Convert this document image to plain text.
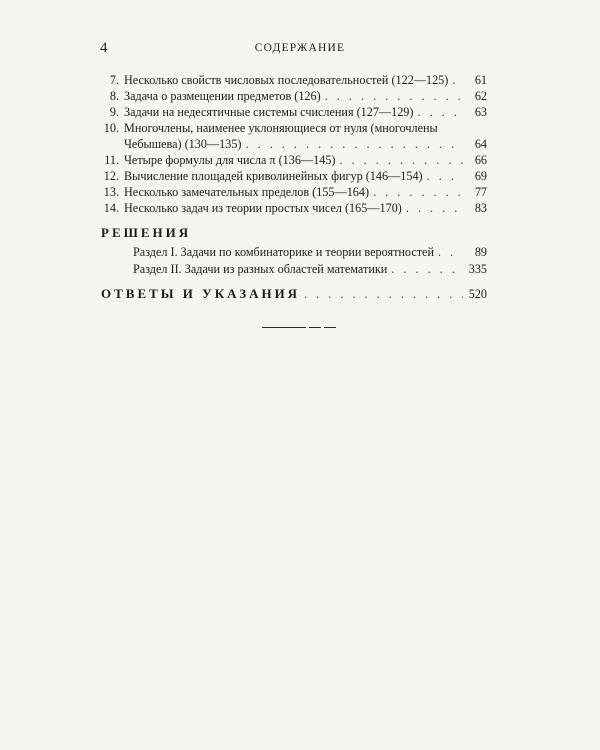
4	СОДЕРЖАНИЕ
7. Несколько свойств числовых последовательностей (122—125) . . .	61
8. Задача о размещении предметов (126) . . .	62
9. Задачи на недесятичные системы счисления (127—129) . . .	63
10. Многочлены, наименее уклоняющиеся от нуля (многочлены
Чебышева) (130—135) . . .	64
11. Четыре формулы для числа π (136—145) . . .	66
12. Вычисление площадей криволинейных фигур (146—154) . . .	69
13. Несколько замечательных пределов (155—164) . . .	77
14. Несколько задач из теории простых чисел (165—170) . . .	83
РЕШЕНИЯ
Раздел I. Задачи по комбинаторике и теории вероятностей . . .	89
Раздел II. Задачи из разных областей математики . . .	335
ОТВЕТЫ И УКАЗАНИЯ . . .	520
